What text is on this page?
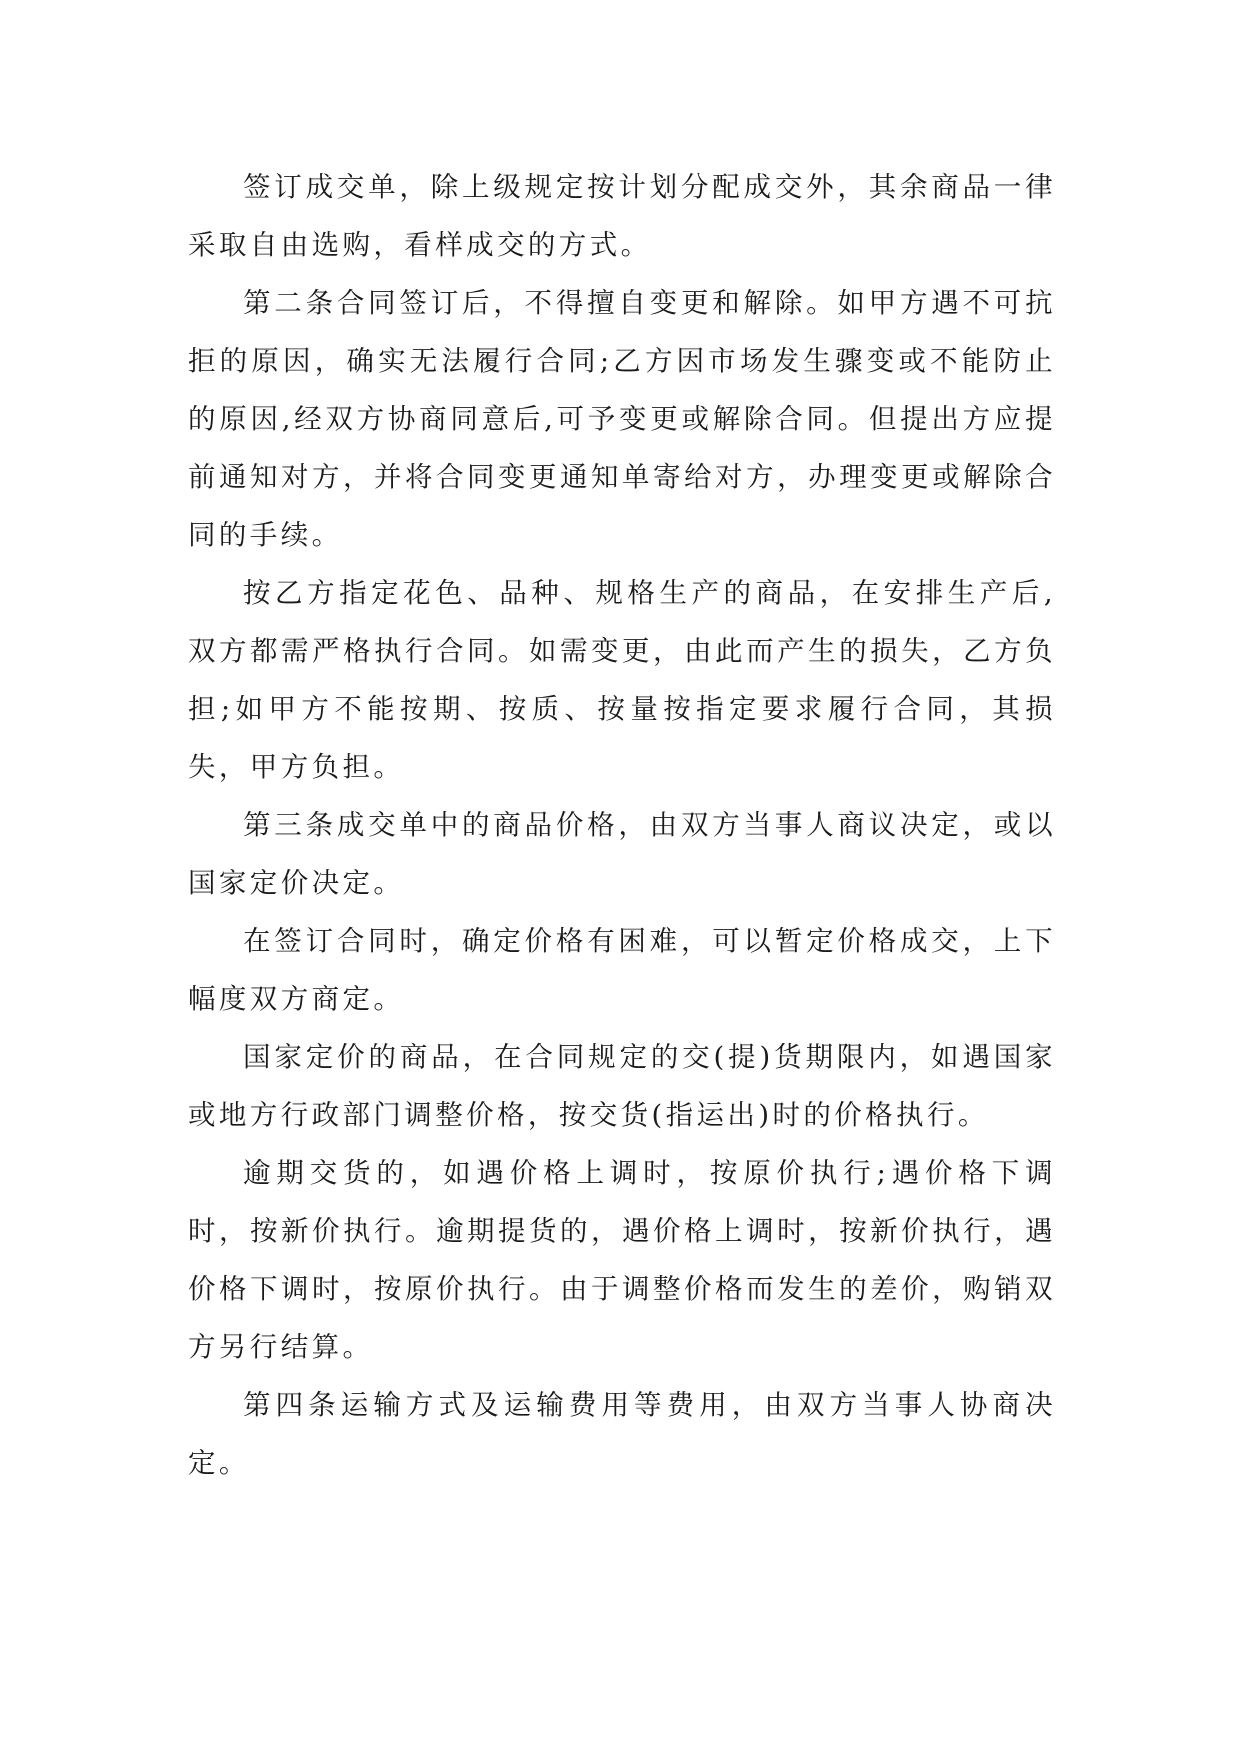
签订成交单，除上级规定按计划分配成交外，其余商品一律采取自由选购，看样成交的方式。

第二条合同签订后，不得擅自变更和解除。如甲方遇不可抗拒的原因，确实无法履行合同;乙方因市场发生骤变或不能防止的原因,经双方协商同意后,可予变更或解除合同。但提出方应提前通知对方，并将合同变更通知单寄给对方，办理变更或解除合同的手续。

按乙方指定花色、品种、规格生产的商品，在安排生产后,双方都需严格执行合同。如需变更，由此而产生的损失，乙方负担;如甲方不能按期、按质、按量按指定要求履行合同，其损失，甲方负担。

第三条成交单中的商品价格，由双方当事人商议决定，或以国家定价决定。

在签订合同时，确定价格有困难，可以暂定价格成交，上下幅度双方商定。

国家定价的商品，在合同规定的交(提)货期限内，如遇国家或地方行政部门调整价格，按交货(指运出)时的价格执行。

逾期交货的，如遇价格上调时，按原价执行;遇价格下调时，按新价执行。逾期提货的，遇价格上调时，按新价执行，遇价格下调时，按原价执行。由于调整价格而发生的差价，购销双方另行结算。

第四条运输方式及运输费用等费用，由双方当事人协商决定。
